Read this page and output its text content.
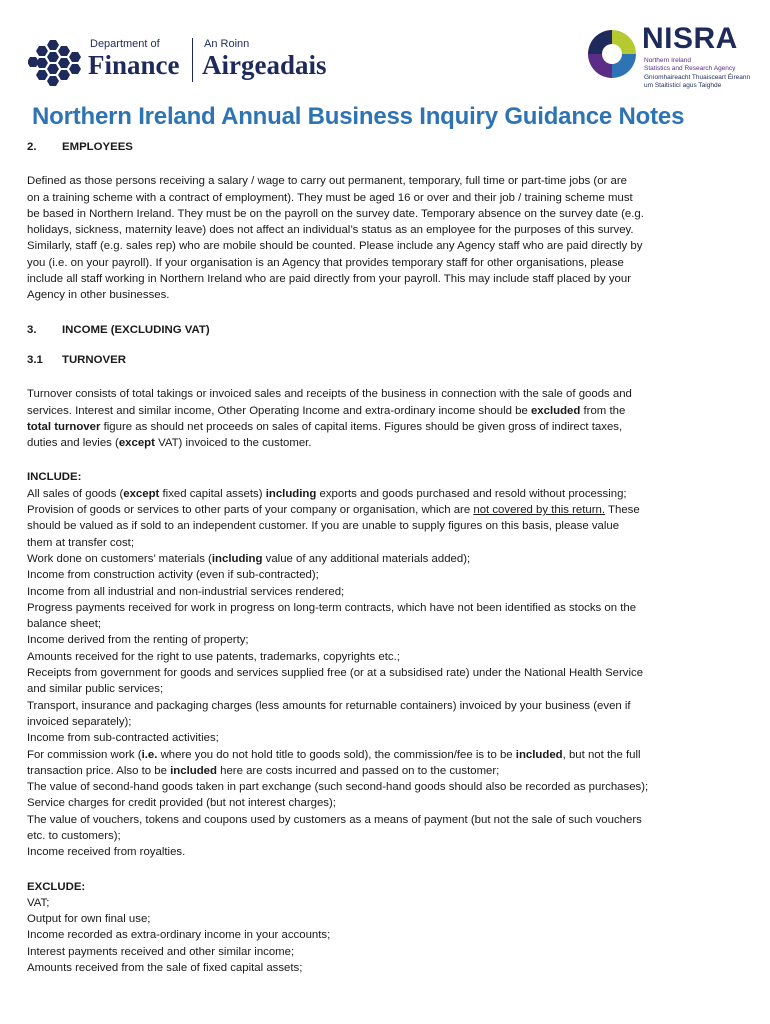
Department of
Finance
An Roinn
Airgeadais
NISRA
Northern Ireland
Statistics and Research Agency
Gníomhaireacht Thuaisceart Éireann
um Staitisticí agus Taighde
Northern Ireland Annual Business Inquiry Guidance Notes
2.	EMPLOYEES

Defined as those persons receiving a salary / wage to carry out permanent, temporary, full time or part-time jobs (or are

on a training scheme with a contract of employment). They must be aged 16 or over and their job / training scheme must

be based in Northern Ireland. They must be on the payroll on the survey date. Temporary absence on the survey date (e.g.

holidays, sickness, maternity leave) does not affect an individual’s status as an employee for the purposes of this survey.

Similarly, staff (e.g. sales rep) who are mobile should be counted. Please include any Agency staff who are paid directly by

you (i.e. on your payroll). If your organisation is an Agency that provides temporary staff for other organisations, please

include all staff working in Northern Ireland who are paid directly from your payroll. This may include staff placed by your

Agency in other businesses.

3.	INCOME (EXCLUDING VAT)
3.1	TURNOVER

Turnover consists of total takings or invoiced sales and receipts of the business in connection with the sale of goods and

services. Interest and similar income, Other Operating Income and extra-ordinary income should be excluded from the

total turnover figure as should net proceeds on sales of capital items. Figures should be given gross of indirect taxes,

duties and levies (except VAT) invoiced to the customer.

INCLUDE:

All sales of goods (except fixed capital assets) including exports and goods purchased and resold without processing;

Provision of goods or services to other parts of your company or organisation, which are not covered by this return. These

should be valued as if sold to an independent customer. If you are unable to supply figures on this basis, please value

them at transfer cost;

Work done on customers’ materials (including value of any additional materials added);

Income from construction activity (even if sub-contracted);

Income from all industrial and non-industrial services rendered;

Progress payments received for work in progress on long-term contracts, which have not been identified as stocks on the

balance sheet;

Income derived from the renting of property;

Amounts received for the right to use patents, trademarks, copyrights etc.;

Receipts from government for goods and services supplied free (or at a subsidised rate) under the National Health Service

and similar public services;

Transport, insurance and packaging charges (less amounts for returnable containers) invoiced by your business (even if

invoiced separately);

Income from sub-contracted activities;

For commission work (i.e. where you do not hold title to goods sold), the commission/fee is to be included, but not the full

transaction price. Also to be included here are costs incurred and passed on to the customer;

The value of second-hand goods taken in part exchange (such second-hand goods should also be recorded as purchases);

Service charges for credit provided (but not interest charges);

The value of vouchers, tokens and coupons used by customers as a means of payment (but not the sale of such vouchers

etc. to customers);

Income received from royalties.

EXCLUDE:

VAT;

Output for own final use;

Income recorded as extra-ordinary income in your accounts;

Interest payments received and other similar income;

Amounts received from the sale of fixed capital assets;
